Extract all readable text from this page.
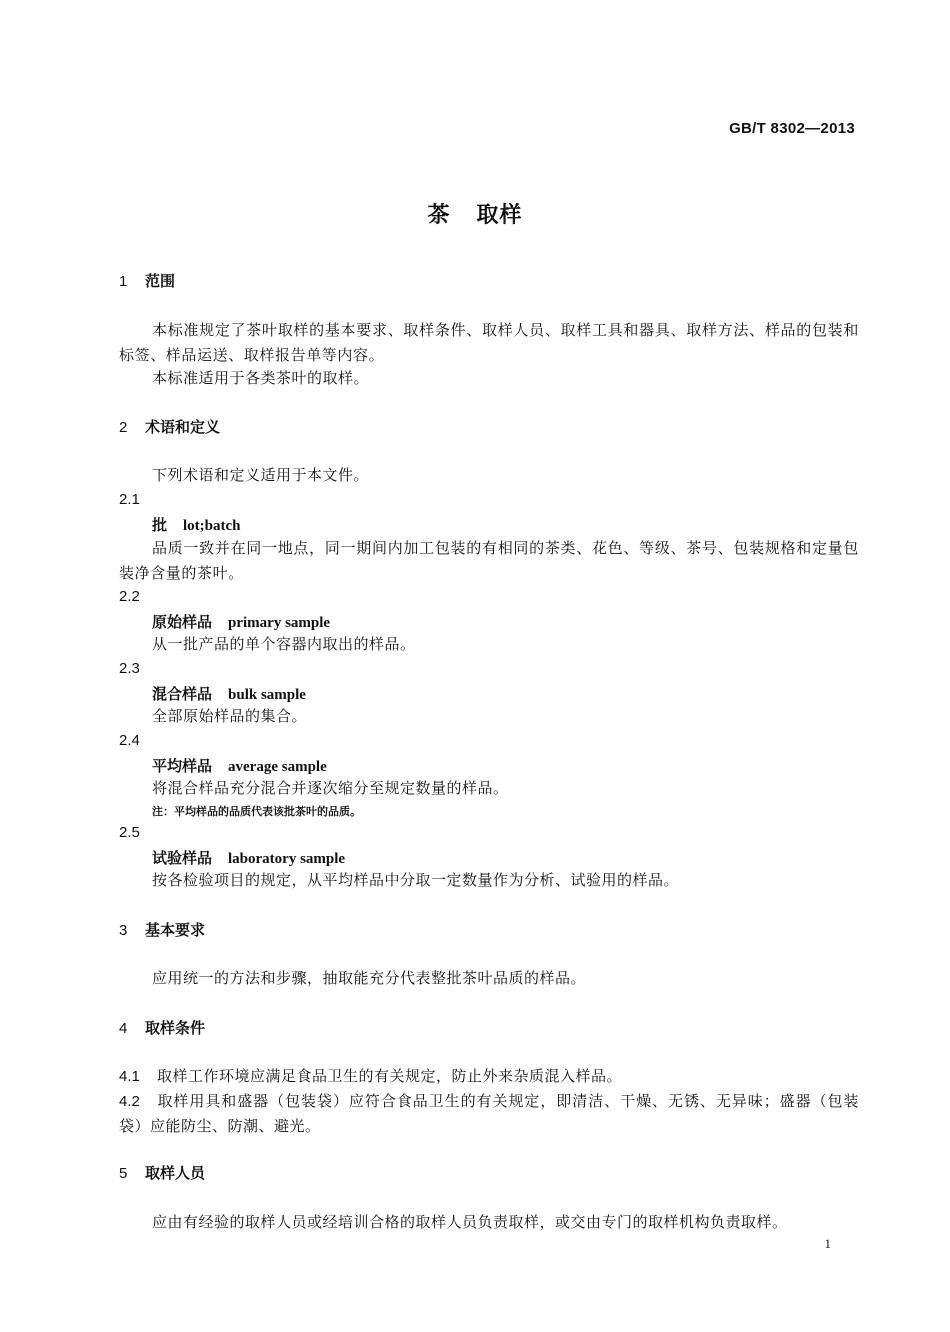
GB/T 8302—2013
茶 取样
1 范围
本标准规定了茶叶取样的基本要求、取样条件、取样人员、取样工具和器具、取样方法、样品的包装和标签、样品运送、取样报告单等内容。
本标准适用于各类茶叶的取样。
2 术语和定义
下列术语和定义适用于本文件。
2.1
批 lot;batch
品质一致并在同一地点，同一期间内加工包装的有相同的茶类、花色、等级、茶号、包装规格和定量包装净含量的茶叶。
2.2
原始样品 primary sample
从一批产品的单个容器内取出的样品。
2.3
混合样品 bulk sample
全部原始样品的集合。
2.4
平均样品 average sample
将混合样品充分混合并逐次缩分至规定数量的样品。
注：平均样品的品质代表该批茶叶的品质。
2.5
试验样品 laboratory sample
按各检验项目的规定，从平均样品中分取一定数量作为分析、试验用的样品。
3 基本要求
应用统一的方法和步骤，抽取能充分代表整批茶叶品质的样品。
4 取样条件
4.1 取样工作环境应满足食品卫生的有关规定，防止外来杂质混入样品。
4.2 取样用具和盛器（包装袋）应符合食品卫生的有关规定，即清洁、干燥、无锈、无异味；盛器（包装袋）应能防尘、防潮、避光。
5 取样人员
应由有经验的取样人员或经培训合格的取样人员负责取样，或交由专门的取样机构负责取样。
1
